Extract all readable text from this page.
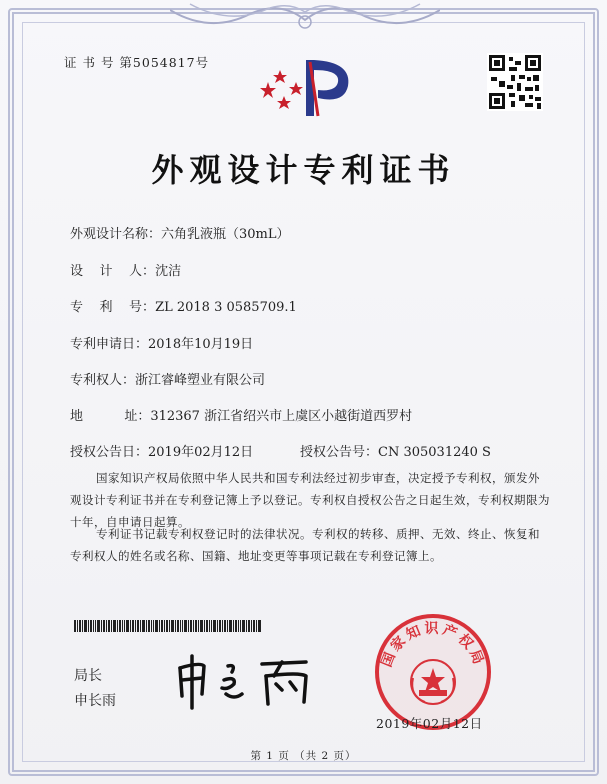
证 书 号 第5054817号
外观设计专利证书
外观设计名称：六角乳液瓶（30mL）
设    计    人：沈洁
专    利    号：ZL 2018 3 0585709.1
专利申请日：2018年10月19日
专利权人：浙江睿峰塑业有限公司
地          址：312367 浙江省绍兴市上虞区小越街道西罗村
授权公告日：2019年02月12日	授权公告号：CN 305031240 S
国家知识产权局依照中华人民共和国专利法经过初步审查，决定授予专利权，颁发外观设计专利证书并在专利登记簿上予以登记。专利权自授权公告之日起生效，专利权期限为十年，自申请日起算。
专利证书记载专利权登记时的法律状况。专利权的转移、质押、无效、终止、恢复和专利权人的姓名或名称、国籍、地址变更等事项记载在专利登记簿上。
局长
申长雨
国家知识产权局
2019年02月12日
第 1 页 （共 2 页）
